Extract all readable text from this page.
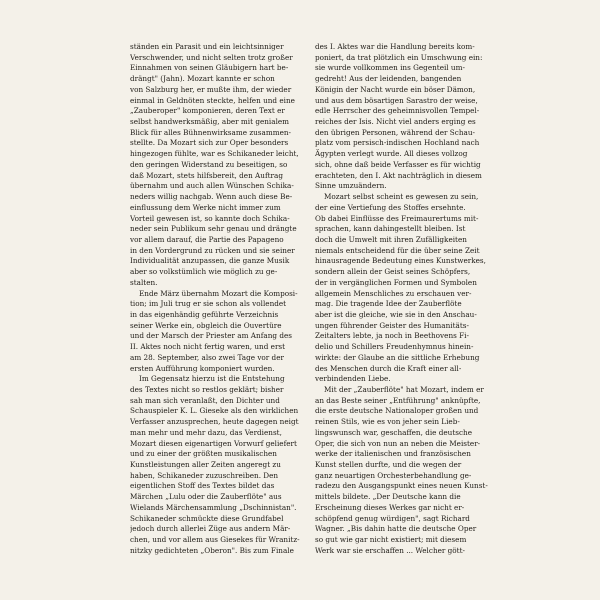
ständen ein Parasit und ein leichtsinniger
Verschwender, und nicht selten trotz großer
Einnahmen von seinen Gläubigern hart be-
drängt" (Jahn). Mozart kannte er schon
von Salzburg her, er mußte ihm, der wieder
einmal in Geldnöten steckte, helfen und eine
„Zauberoper" komponieren, deren Text er
selbst handwerksmäßig, aber mit genialem
Blick für alles Bühnenwirksame zusammen-
stellte. Da Mozart sich zur Oper besonders
hingezogen fühlte, war es Schikaneder leicht,
den geringen Widerstand zu beseitigen, so
daß Mozart, stets hilfsbereit, den Auftrag
übernahm und auch allen Wünschen Schika-
neders willig nachgab. Wenn auch diese Be-
einflussung dem Werke nicht immer zum
Vorteil gewesen ist, so kannte doch Schika-
neder sein Publikum sehr genau und drängte
vor allem darauf, die Partie des Papageno
in den Vordergrund zu rücken und sie seiner
Individualität anzupassen, die ganze Musik
aber so volkstümlich wie möglich zu ge-
stalten.
Ende März übernahm Mozart die Komposi-
tion; im Juli trug er sie schon als vollendet
in das eigenhändig geführte Verzeichnis
seiner Werke ein, obgleich die Ouvertüre
und der Marsch der Priester am Anfang des
II. Aktes noch nicht fertig waren, und erst
am 28. September, also zwei Tage vor der
ersten Aufführung komponiert wurden.
Im Gegensatz hierzu ist die Entstehung
des Textes nicht so restlos geklärt; bisher
sah man sich veranlaßt, den Dichter und
Schauspieler K. L. Gieseke als den wirklichen
Verfasser anzusprechen, heute dagegen neigt
man mehr und mehr dazu, das Verdienst,
Mozart diesen eigenartigen Vorwurf geliefert
und zu einer der größten musikalischen
Kunstleistungen aller Zeiten angeregt zu
haben, Schikaneder zuzuschreiben. Den
eigentlichen Stoff des Textes bildet das
Märchen „Lulu oder die Zauberflöte" aus
Wielands Märchensammlung „Dschinnistan".
Schikaneder schmückte diese Grundfabel
jedoch durch allerlei Züge aus andern Mär-
chen, und vor allem aus Giesekes für Wranitz-
nitzky gedichteten „Oberon". Bis zum Finale
des I. Aktes war die Handlung bereits kom-
poniert, da trat plötzlich ein Umschwung ein:
sie wurde vollkommen ins Gegenteil um-
gedreht! Aus der leidenden, bangenden
Königin der Nacht wurde ein böser Dämon,
und aus dem bösartigen Sarastro der weise,
edle Herrscher des geheimnisvollen Tempel-
reiches der Isis. Nicht viel anders erging es
den übrigen Personen, während der Schau-
platz vom persisch-indischen Hochland nach
Ägypten verlegt wurde. All dieses vollzog
sich, ohne daß beide Verfasser es für wichtig
erachteten, den I. Akt nachträglich in diesem
Sinne umzuändern.
Mozart selbst scheint es gewesen zu sein,
der eine Vertiefung des Stoffes ersehnte.
Ob dabei Einflüsse des Freimaurertums mit-
sprachen, kann dahingestellt bleiben. Ist
doch die Umwelt mit ihren Zufälligkeiten
niemals entscheidend für die über seine Zeit
hinausragende Bedeutung eines Kunstwerkes,
sondern allein der Geist seines Schöpfers,
der in vergänglichen Formen und Symbolen
allgemein Menschliches zu erschauen ver-
mag. Die tragende Idee der Zauberflöte
aber ist die gleiche, wie sie in den Anschau-
ungen führender Geister des Humanitäts-
Zeitalters lebte, ja noch in Beethovens Fi-
delio und Schillers Freudenhymnus hinein-
wirkte: der Glaube an die sittliche Erhebung
des Menschen durch die Kraft einer all-
verbindenden Liebe.
Mit der „Zauberflöte" hat Mozart, indem er
an das Beste seiner „Entführung" anknüpfte,
die erste deutsche Nationaloper großen und
reinen Stils, wie es von jeher sein Lieb-
lingswunsch war, geschaffen, die deutsche
Oper, die sich von nun an neben die Meister-
werke der italienischen und französischen
Kunst stellen durfte, und die wegen der
ganz neuartigen Orchesterbehandlung ge-
radezu den Ausgangspunkt eines neuen Kunst-
mittels bildete. „Der Deutsche kann die
Erscheinung dieses Werkes gar nicht er-
schöpfend genug würdigen", sagt Richard
Wagner. „Bis dahin hatte die deutsche Oper
so gut wie gar nicht existiert; mit diesem
Werk war sie erschaffen ... Welcher gött-
